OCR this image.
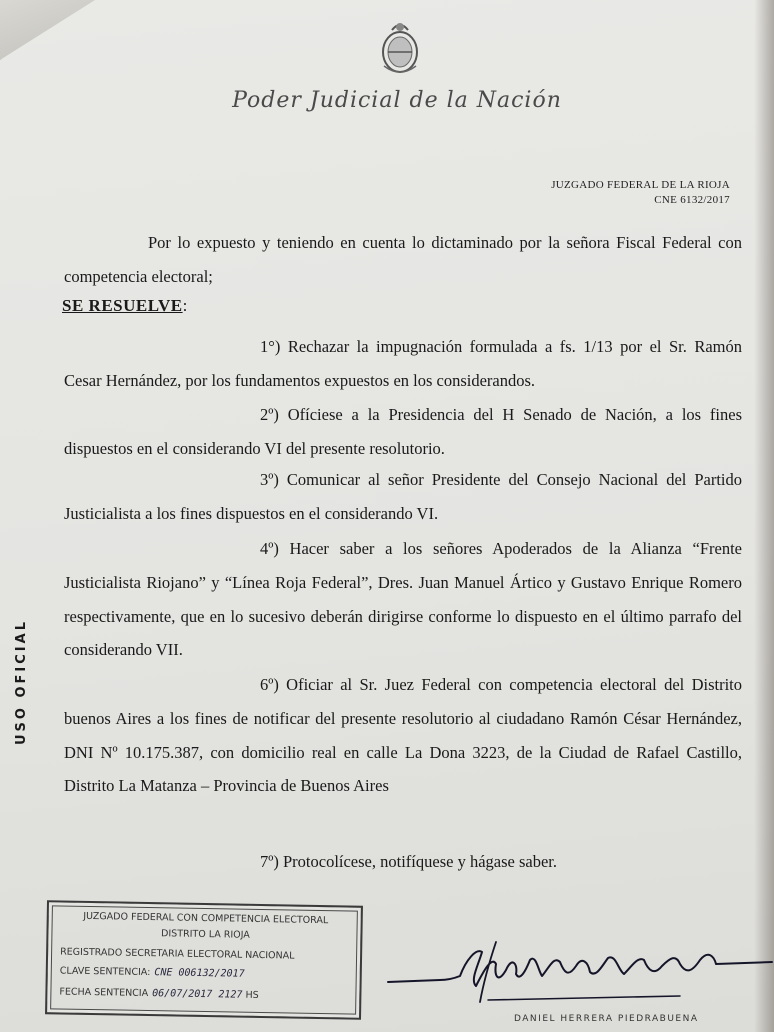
Poder Judicial de la Nación
JUZGADO FEDERAL DE LA RIOJA
CNE 6132/2017
USO OFICIAL
Por lo expuesto y teniendo en cuenta lo dictaminado por la señora Fiscal Federal con competencia electoral;
SE RESUELVE:
1°) Rechazar la impugnación formulada a fs. 1/13 por el Sr. Ramón Cesar Hernández, por los fundamentos expuestos en los considerandos.
2º) Ofíciese a la Presidencia del H Senado de Nación, a los fines dispuestos en el considerando VI del presente resolutorio.
3º) Comunicar al señor Presidente del Consejo Nacional del Partido Justicialista a los fines dispuestos en el considerando VI.
4º) Hacer saber a los señores Apoderados de la Alianza “Frente Justicialista Riojano” y “Línea Roja Federal”, Dres. Juan Manuel Ártico y Gustavo Enrique Romero respectivamente, que en lo sucesivo deberán dirigirse conforme lo dispuesto en el último parrafo del considerando VII.
6º) Oficiar al Sr. Juez Federal con competencia electoral del Distrito buenos Aires a los fines de notificar del presente resolutorio al ciudadano Ramón César Hernández, DNI Nº 10.175.387, con domicilio real en calle La Dona 3223, de la Ciudad de Rafael Castillo, Distrito La Matanza – Provincia de Buenos Aires
7º) Protocolícese, notifíquese y hágase saber.
JUZGADO FEDERAL CON COMPETENCIA ELECTORAL
DISTRITO LA RIOJA
REGISTRADO SECRETARIA ELECTORAL NACIONAL
CLAVE SENTENCIA: CNE 006132/2017
FECHA SENTENCIA 06/07/2017 2127 HS
DANIEL HERRERA PIEDRABUENA
